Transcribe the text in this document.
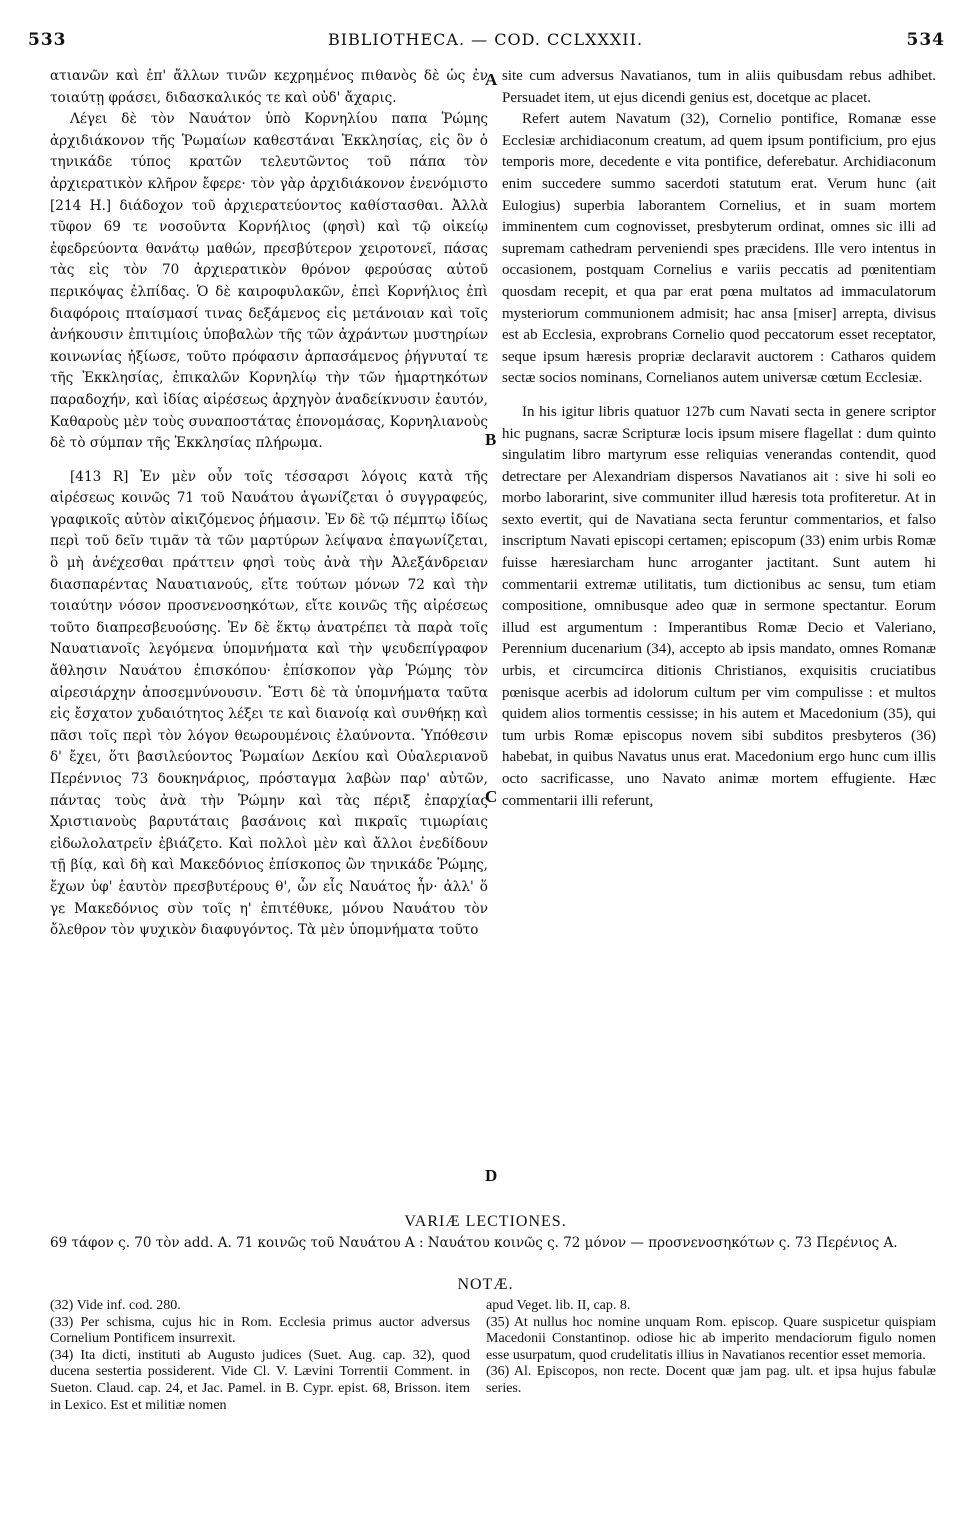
533	BIBLIOTHECA. — COD. CCLXXXII.	534

ατιανῶν καὶ ἐπ' ἄλλων τινῶν κεχρημένος πιθανὸς δὲ ὡς ἐν τοιαύτῃ φράσει, διδασκαλικός τε καὶ οὐδ' ἄχαρις.

Λέγει δὲ τὸν Ναυάτον ὑπὸ Κορνηλίου παπα Ῥώμης ἀρχιδιάκονον τῆς Ῥωμαίων καθεστάναι Ἐκκλησίας, εἰς ὃν ὁ τηνικάδε τύπος κρατῶν τελευτῶντος τοῦ πάπα τὸν ἀρχιερατικὸν κλῆρον ἔφερε· τὸν γὰρ ἀρχιδιάκονον ἐνενόμιστο [214 H.] διάδοχον τοῦ ἀρχιερατεύοντος καθίστασθαι. Ἀλλὰ τῦφον 69 τε νοσοῦντα Κορνήλιος (φησὶ) καὶ τῷ οἰκείῳ ἐφεδρεύοντα θανάτῳ μαθών, πρεσβύτερον χειροτονεῖ, πάσας τὰς εἰς τὸν 70 ἀρχιερατικὸν θρόνον φερούσας αὐτοῦ περικόψας ἐλπίδας. Ὁ δὲ καιροφυλακῶν, ἐπεὶ Κορνήλιος ἐπὶ διαφόροις πταίσμασί τινας δεξάμενος εἰς μετάνοιαν καὶ τοῖς ἀνήκουσιν ἐπιτιμίοις ὑποβαλὼν τῆς τῶν ἀχράντων μυστηρίων κοινωνίας ἠξίωσε, τοῦτο πρόφασιν ἁρπασάμενος ῥήγνυταί τε τῆς Ἐκκλησίας, ἐπικαλῶν Κορνηλίῳ τὴν τῶν ἡμαρτηκότων παραδοχήν, καὶ ἰδίας αἱρέσεως ἀρχηγὸν ἀναδείκνυσιν ἑαυτόν, Καθαροὺς μὲν τοὺς συναποστάτας ἐπονομάσας, Κορνηλιανοὺς δὲ τὸ σύμπαν τῆς Ἐκκλησίας πλήρωμα.

[413 R] Ἐν μὲν οὖν τοῖς τέσσαρσι λόγοις κατὰ τῆς αἱρέσεως κοινῶς 71 τοῦ Ναυάτου ἀγωνίζεται ὁ συγγραφεύς, γραφικοῖς αὐτὸν αἰκιζόμενος ῥήμασιν. Ἐν δὲ τῷ πέμπτῳ ἰδίως περὶ τοῦ δεῖν τιμᾶν τὰ τῶν μαρτύρων λείψανα ἐπαγωνίζεται, ὃ μὴ ἀνέχεσθαι πράττειν φησὶ τοὺς ἀνὰ τὴν Ἀλεξάνδρειαν διασπαρέντας Ναυατιανούς, εἴτε τούτων μόνων 72 καὶ τὴν τοιαύτην νόσον προσνενοσηκότων, εἴτε κοινῶς τῆς αἱρέσεως τοῦτο διαπρεσβευούσης. Ἐν δὲ ἕκτῳ ἀνατρέπει τὰ παρὰ τοῖς Ναυατιανοῖς λεγόμενα ὑπομνήματα καὶ τὴν ψευδεπίγραφον ἄθλησιν Ναυάτου ἐπισκόπου· ἐπίσκοπον γὰρ Ῥώμης τὸν αἱρεσιάρχην ἀποσεμνύνουσιν. Ἔστι δὲ τὰ ὑπομνήματα ταῦτα εἰς ἔσχατον χυδαιότητος λέξει τε καὶ διανοίᾳ καὶ συνθήκῃ καὶ πᾶσι τοῖς περὶ τὸν λόγον θεωρουμένοις ἐλαύνοντα. Ὑπόθεσιν δ' ἔχει, ὅτι βασιλεύοντος Ῥωμαίων Δεκίου καὶ Οὐαλεριανοῦ Περέννιος 73 δουκηνάριος, πρόσταγμα λαβὼν παρ' αὐτῶν, πάντας τοὺς ἀνὰ τὴν Ῥώμην καὶ τὰς πέριξ ἐπαρχίας Χριστιανοὺς βαρυτάταις βασάνοις καὶ πικραῖς τιμωρίαις εἰδωλολατρεῖν ἐβιάζετο. Καὶ πολλοὶ μὲν καὶ ἄλλοι ἐνεδίδουν τῇ βίᾳ, καὶ δὴ καὶ Μακεδόνιος ἐπίσκοπος ὢν τηνικάδε Ῥώμης, ἔχων ὑφ' ἑαυτὸν πρεσβυτέρους θ', ὧν εἷς Ναυάτος ἦν· ἀλλ' ὅ γε Μακεδόνιος σὺν τοῖς η' ἐπιτέθυκε, μόνου Ναυάτου τὸν ὄλεθρον τὸν ψυχικὸν διαφυγόντος. Τὰ μὲν ὑπομνήματα τοῦτο

site cum adversus Navatianos, tum in aliis quibusdam rebus adhibet. Persuadet item, ut ejus dicendi genius est, docetque ac placet.

Refert autem Navatum (32), Cornelio pontifice, Romanæ esse Ecclesiæ archidiaconum creatum, ad quem ipsum pontificium, pro ejus temporis more, decedente e vita pontifice, deferebatur. Archidiaconum enim succedere summo sacerdoti statutum erat. Verum hunc (ait Eulogius) superbia laborantem Cornelius, et in suam mortem imminentem cum cognovisset, presbyterum ordinat, omnes sic illi ad supremam cathedram perveniendi spes præcidens. Ille vero intentus in occasionem, postquam Cornelius e variis peccatis ad pœnitentiam quosdam recepit, et qua par erat pœna multatos ad immaculatorum mysteriorum communionem admisit; hac ansa [miser] arrepta, divisus est ab Ecclesia, exprobrans Cornelio quod peccatorum esset receptator, seque ipsum hæresis propriæ declaravit auctorem : Catharos quidem sectæ socios nominans, Cornelianos autem universæ cœtum Ecclesiæ.

In his igitur libris quatuor 127b cum Navati secta in genere scriptor hic pugnans, sacræ Scripturæ locis ipsum misere flagellat : dum quinto singulatim libro martyrum esse reliquias venerandas contendit, quod detrectare per Alexandriam dispersos Navatianos ait : sive hi soli eo morbo laborarint, sive communiter illud hæresis tota profiteretur. At in sexto evertit, qui de Navatiana secta feruntur commentarios, et falso inscriptum Navati episcopi certamen; episcopum (33) enim urbis Romæ fuisse hæresiarcham hunc arroganter jactitant. Sunt autem hi commentarii extremæ utilitatis, tum dictionibus ac sensu, tum etiam compositione, omnibusque adeo quæ in sermone spectantur. Eorum illud est argumentum : Imperantibus Romæ Decio et Valeriano, Perennium ducenarium (34), accepto ab ipsis mandato, omnes Romanæ urbis, et circumcirca ditionis Christianos, exquisitis cruciatibus pœnisque acerbis ad idolorum cultum per vim compulisse : et multos quidem alios tormentis cessisse; in his autem et Macedonium (35), qui tum urbis Romæ episcopus novem sibi subditos presbyteros (36) habebat, in quibus Navatus unus erat. Macedonium ergo hunc cum illis octo sacrificasse, uno Navato animæ mortem effugiente. Hæc commentarii illi referunt,

A
B
C
D
VARIÆ LECTIONES.
69 τάφον ς. 70 τὸν add. A. 71 κοινῶς τοῦ Ναυάτου A : Ναυάτου κοινῶς ς. 72 μόνον — προσνενοσηκότων ς. 73 Περένιος A.
NOTÆ.

(32) Vide inf. cod. 280.

(33) Per schisma, cujus hic in Rom. Ecclesia primus auctor adversus Cornelium Pontificem insurrexit.

(34) Ita dicti, instituti ab Augusto judices (Suet. Aug. cap. 32), quod ducena sestertia possiderent. Vide Cl. V. Lævini Torrentii Comment. in Sueton. Claud. cap. 24, et Jac. Pamel. in B. Cypr. epist. 68, Brisson. item in Lexico. Est et militiæ nomen

apud Veget. lib. II, cap. 8.

(35) At nullus hoc nomine unquam Rom. episcop. Quare suspicetur quispiam Macedonii Constantinop. odiose hic ab imperito mendaciorum figulo nomen esse usurpatum, quod crudelitatis illius in Navatianos recentior esset memoria.

(36) Al. Episcopos, non recte. Docent quæ jam pag. ult. et ipsa hujus fabulæ series.
